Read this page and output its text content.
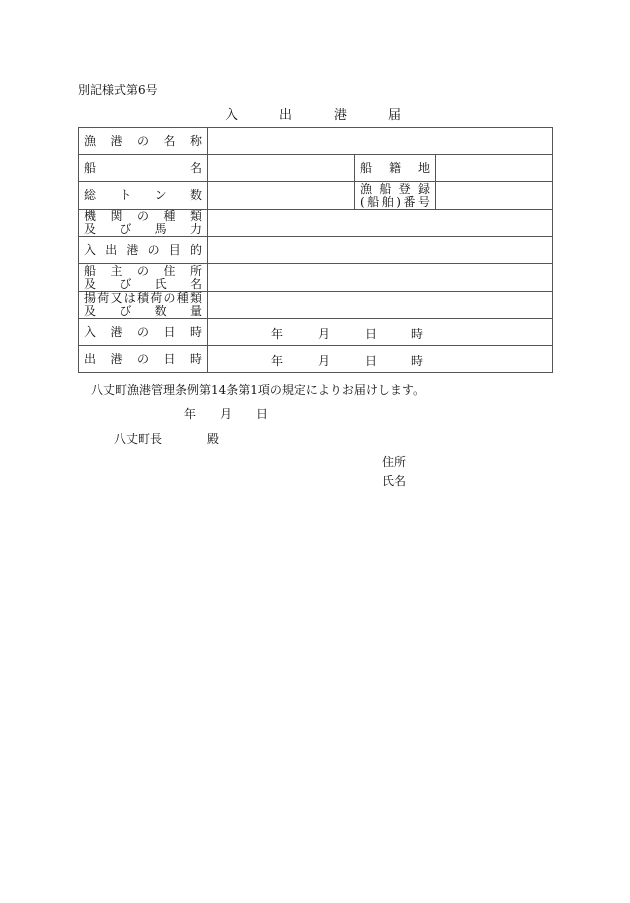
別記様式第6号
入	出	港	届
漁港の名称			

船名		船籍地	

総トン数		漁船登録
(船舶)番号	

機関の種類
及び馬力			

入出港の目的			

船主の住所
及び氏名			

揚荷又は積荷の種類
及び数量			

入港の日時	年 月 日 時		

出港の日時	年 月 日 時		
八丈町漁港管理条例第14条第1項の規定によりお届けします。
年 月 日
八丈町長	殿
住所
氏名
